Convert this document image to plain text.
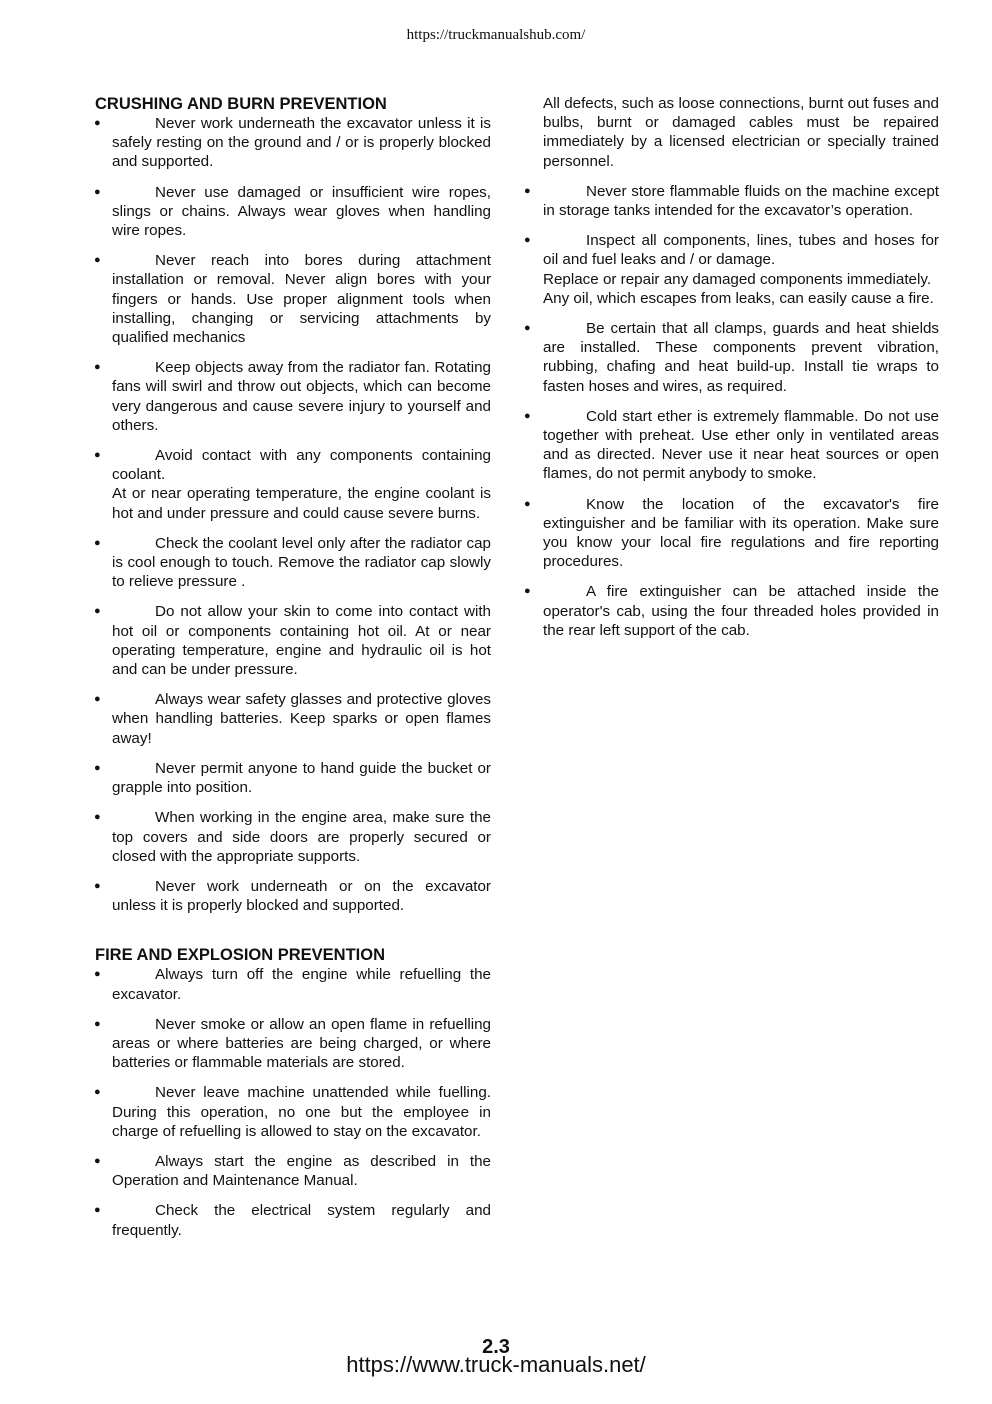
https://truckmanualshub.com/
CRUSHING AND BURN PREVENTION
●	Never work underneath the excavator unless it is safely resting on the ground and / or is properly blocked and supported.

●	Never use damaged or insufficient wire ropes, slings or chains. Always wear gloves when handling wire ropes.

●	Never reach into bores during attachment installation or removal. Never align bores with your fingers or hands. Use proper alignment tools when installing, changing or servicing attachments by qualified mechanics

●	Keep objects away from the radiator fan. Rotating fans will swirl and throw out objects, which can become very dangerous and cause severe injury to yourself and others.

●	Avoid contact with any components containing coolant.

At or near operating temperature, the engine coolant is hot and under pressure and could cause severe burns.

●	Check the coolant level only after the radiator cap is cool enough to touch. Remove the radiator cap slowly to relieve pressure .

●	Do not allow your skin to come into contact with hot oil or components containing hot oil. At or near operating temperature, engine and hydraulic oil is hot and can be under pressure.

●	Always wear safety glasses and protective gloves when handling batteries. Keep sparks or open flames away!

●	Never permit anyone to hand guide the bucket or grapple into position.

●	When working in the engine area, make sure the top covers and side doors are properly secured or closed with the appropriate supports.

●	Never work underneath or on the excavator unless it is properly blocked and supported.

FIRE AND EXPLOSION PREVENTION
●	Always turn off the engine while refuelling the excavator.

●	Never smoke or allow an open flame in refuelling areas or where batteries are being charged, or where batteries or flammable materials are stored.

●	Never leave machine unattended while fuelling. During this operation, no one but the employee in charge of refuelling is allowed to stay on the excavator.

●	Always start the engine as described in the Operation and Maintenance Manual.

●	Check the electrical system regularly and frequently.

All defects, such as loose connections, burnt out fuses and bulbs, burnt or damaged cables must be repaired immediately by a licensed electrician or specially trained personnel.

●	Never store flammable fluids on the machine except in storage tanks intended for the excavator’s operation.

●	Inspect all components, lines, tubes and hoses for oil and fuel leaks and / or damage.

Replace or repair any damaged components immediately.

Any oil, which escapes from leaks, can easily cause a fire.

●	Be certain that all clamps, guards and heat shields are installed. These components prevent vibration, rubbing, chafing and heat build-up. Install tie wraps to fasten hoses and wires, as required.

●	Cold start ether is extremely flammable. Do not use together with preheat. Use ether only in ventilated areas and as directed. Never use it near heat sources or open flames, do not permit anybody to smoke.

●	Know the location of the excavator's fire extinguisher and be familiar with its operation. Make sure you know your local fire regulations and fire reporting procedures.

●	A fire extinguisher can be attached inside the operator's cab, using the four threaded holes provided in the rear left support of the cab.

2.3
https://www.truck-manuals.net/
